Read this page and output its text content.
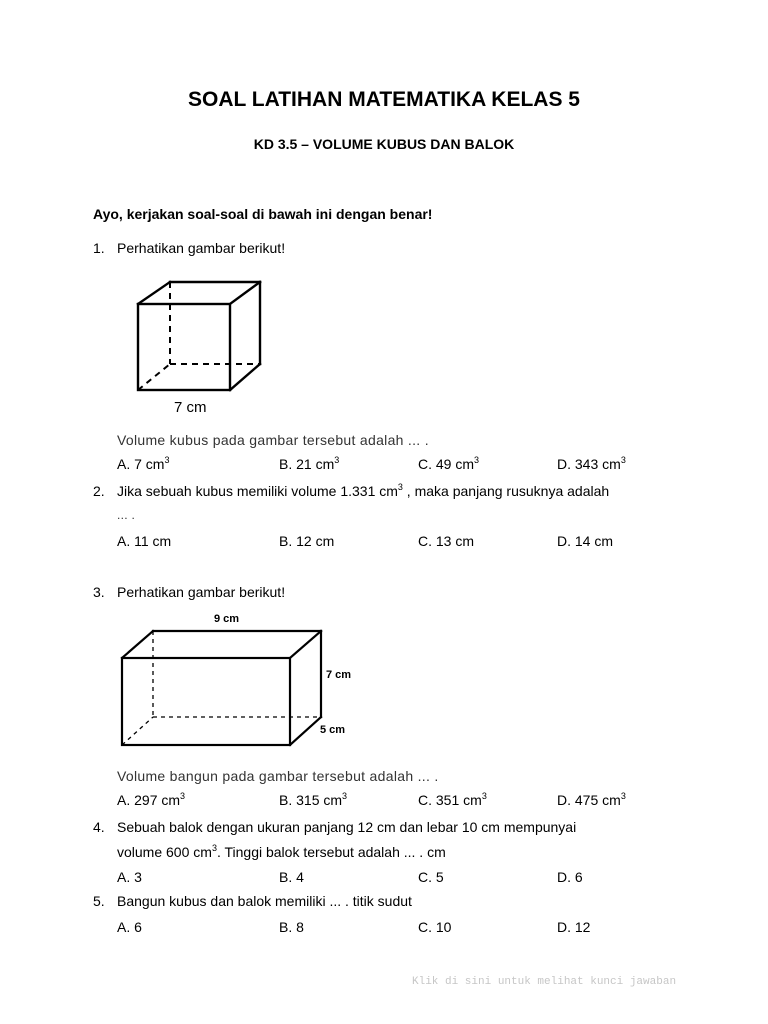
SOAL LATIHAN MATEMATIKA KELAS 5
KD 3.5 – VOLUME KUBUS DAN BALOK
Ayo, kerjakan soal-soal di bawah ini dengan benar!
1. Perhatikan gambar berikut!
7 cm
Volume kubus pada gambar tersebut adalah ... .
A. 7 $cm^3$	B. 21 $cm^3$	C. 49 $cm^3$	D. 343 $cm^3$
2. Jika sebuah kubus memiliki volume 1.331 $cm^3$ , maka panjang rusuknya adalah
... .
A. 11 cm	B. 12 cm	C. 13 cm	D. 14 cm
3. Perhatikan gambar berikut!
9 cm
7 cm
5 cm
Volume bangun pada gambar tersebut adalah ... .
A. 297 $cm^3$	B. 315 $cm^3$	C. 351 $cm^3$	D. 475 $cm^3$
4. Sebuah balok dengan ukuran panjang 12 cm dan lebar 10 cm mempunyai
volume 600 $cm^3$. Tinggi balok tersebut adalah ... . cm
A. 3	B. 4	C. 5	D. 6
5. Bangun kubus dan balok memiliki ... . titik sudut
A. 6	B. 8	C. 10	D. 12
Klik di sini untuk melihat kunci jawaban
